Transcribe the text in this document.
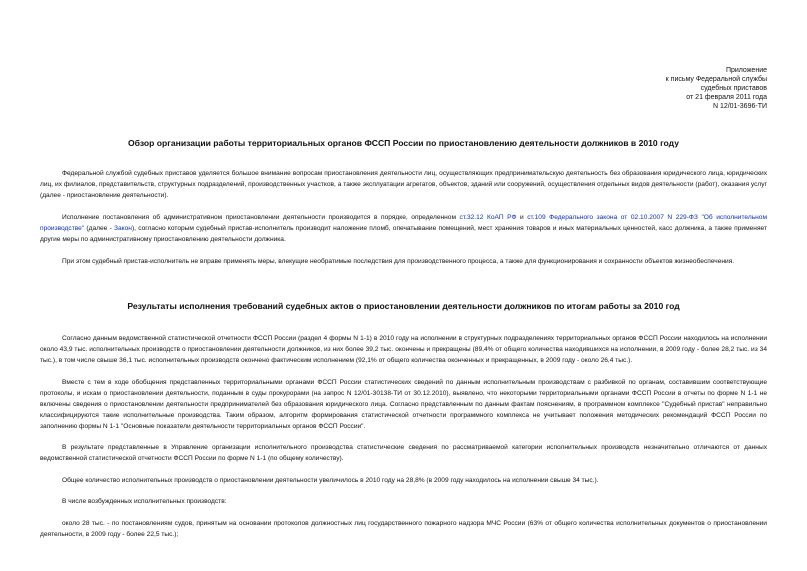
Приложение
к письму Федеральной службы
судебных приставов
от 21 февраля 2011 года
N 12/01-3696-ТИ
Обзор организации работы территориальных органов ФССП России по приостановлению деятельности должников в 2010 году

Федеральной службой судебных приставов уделяется большое внимание вопросам приостановления деятельности лиц, осуществляющих предпринимательскую деятельность без образования юридического лица, юридических лиц, их филиалов, представительств, структурных подразделений, производственных участков, а также эксплуатации агрегатов, объектов, зданий или сооружений, осуществления отдельных видов деятельности (работ), оказания услуг (далее - приостановление деятельности).

Исполнение постановления об административном приостановлении деятельности производится в порядке, определенном ст.32.12 КоАП РФ и ст.109 Федерального закона от 02.10.2007 N 229-ФЗ "Об исполнительном производстве" (далее - Закон), согласно которым судебный пристав-исполнитель производит наложение пломб, опечатывание помещений, мест хранения товаров и иных материальных ценностей, касс должника, а также применяет другие меры по административному приостановлению деятельности должника.

При этом судебный пристав-исполнитель не вправе применять меры, влекущие необратимые последствия для производственного процесса, а также для функционирования и сохранности объектов жизнеобеспечения.

Результаты исполнения требований судебных актов о приостановлении деятельности должников по итогам работы за 2010 год

Согласно данным ведомственной статистической отчетности ФССП России (раздел 4 формы N 1-1) в 2010 году на исполнении в структурных подразделениях территориальных органов ФССП России находилось на исполнении около 43,9 тыс. исполнительных производств о приостановлении деятельности должников, из них более 39,2 тыс. окончены и прекращены (89,4% от общего количества находившихся на исполнении, в 2009 году - более 28,2 тыс. из 34 тыс.), в том числе свыше 36,1 тыс. исполнительных производств окончено фактическим исполнением (92,1% от общего количества оконченных и прекращенных, в 2009 году - около 26,4 тыс.).

Вместе с тем в ходе обобщения представленных территориальными органами ФССП России статистических сведений по данным исполнительным производствам с разбивкой по органам, составившим соответствующие протоколы, и искам о приостановлении деятельности, поданным в суды прокурорами (на запрос N 12/01-30138-ТИ от 30.12.2010), выявлено, что некоторыми территориальными органами ФССП России в отчеты по форме N 1-1 не включены сведения о приостановлении деятельности предпринимателей без образования юридического лица. Согласно представленным по данным фактам пояснениям, в программном комплексе "Судебный пристав" неправильно классифицируются такие исполнительные производства. Таким образом, алгоритм формирования статистической отчетности программного комплекса не учитывает положения методических рекомендаций ФССП России по заполнению формы N 1-1 "Основные показатели деятельности территориальных органов ФССП России".

В результате представленные в Управление организации исполнительного производства статистические сведения по рассматриваемой категории исполнительных производств незначительно отличаются от данных ведомственной статистической отчетности ФССП России по форме N 1-1 (по общему количеству).

Общее количество исполнительных производств о приостановлении деятельности увеличилось в 2010 году на 28,8% (в 2009 году находилось на исполнении свыше 34 тыс.).

В числе возбужденных исполнительных производств:

около 28 тыс. - по постановлениям судов, принятым на основании протоколов должностных лиц государственного пожарного надзора МЧС России (63% от общего количества исполнительных документов о приостановлении деятельности, в 2009 году - более 22,5 тыс.);
